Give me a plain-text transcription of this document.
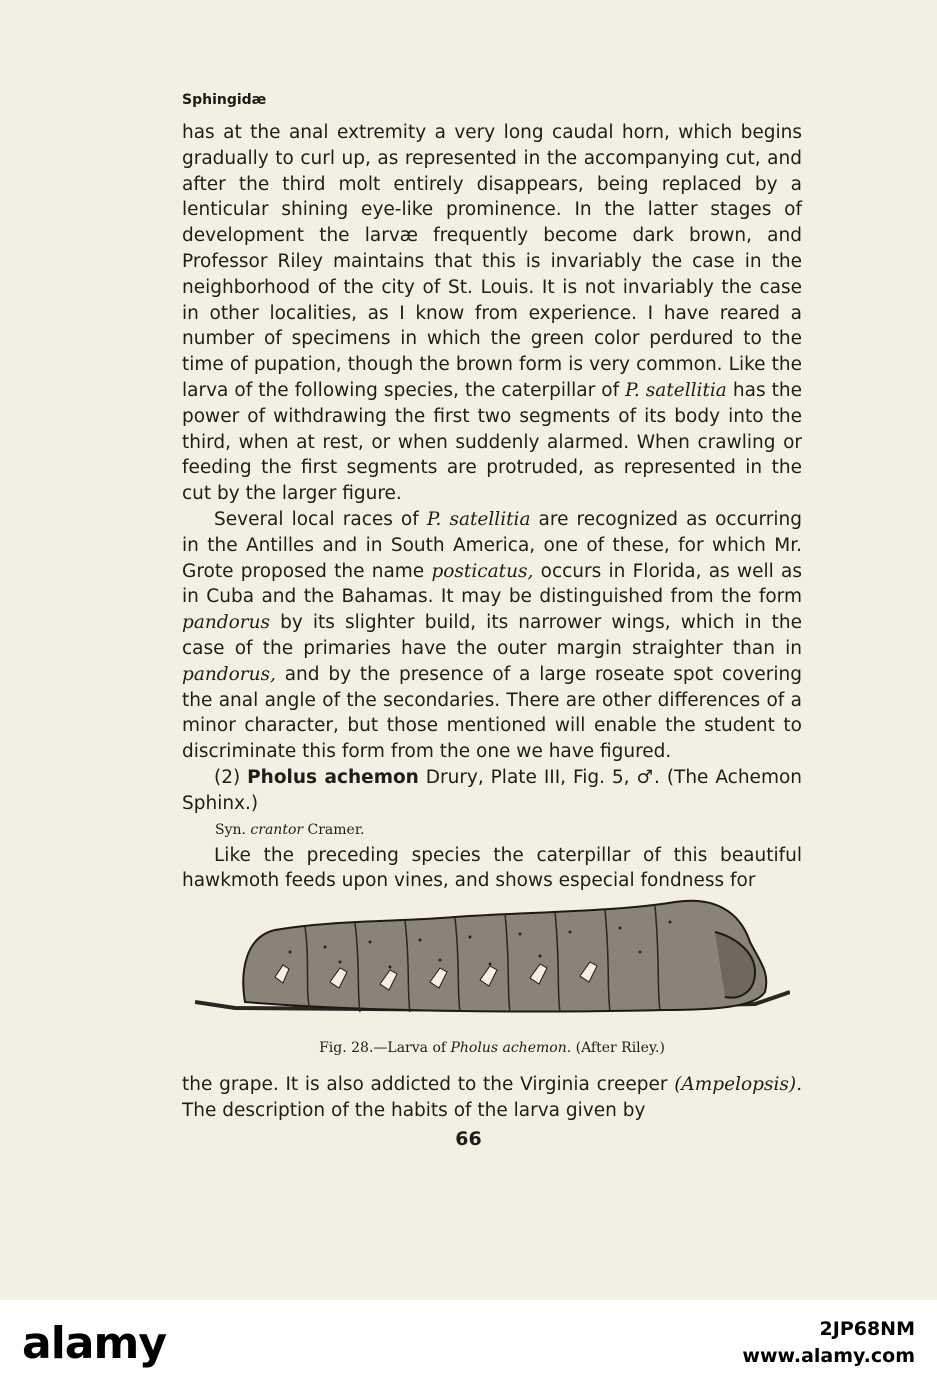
Sphingidæ

has at the anal extremity a very long caudal horn, which begins gradually to curl up, as represented in the accompanying cut, and after the third molt entirely disappears, being replaced by a lenticular shining eye-like prominence. In the latter stages of development the larvæ frequently become dark brown, and Professor Riley maintains that this is invariably the case in the neighborhood of the city of St. Louis. It is not invariably the case in other localities, as I know from experience. I have reared a number of specimens in which the green color perdured to the time of pupation, though the brown form is very common. Like the larva of the following species, the caterpillar of P. satellitia has the power of withdrawing the first two segments of its body into the third, when at rest, or when suddenly alarmed. When crawling or feeding the first segments are protruded, as represented in the cut by the larger figure.

Several local races of P. satellitia are recognized as occurring in the Antilles and in South America, one of these, for which Mr. Grote proposed the name posticatus, occurs in Florida, as well as in Cuba and the Bahamas. It may be distinguished from the form pandorus by its slighter build, its narrower wings, which in the case of the primaries have the outer margin straighter than in pandorus, and by the presence of a large roseate spot covering the anal angle of the secondaries. There are other differences of a minor character, but those mentioned will enable the student to discriminate this form from the one we have figured.

(2) Pholus achemon Drury, Plate III, Fig. 5, ♂. (The Achemon Sphinx.)

Syn. crantor Cramer.

Like the preceding species the caterpillar of this beautiful hawkmoth feeds upon vines, and shows especial fondness for

Fig. 28.—Larva of Pholus achemon. (After Riley.)

the grape. It is also addicted to the Virginia creeper (Ampelopsis). The description of the habits of the larva given by

66
alamy	2JP68NM
www.alamy.com
